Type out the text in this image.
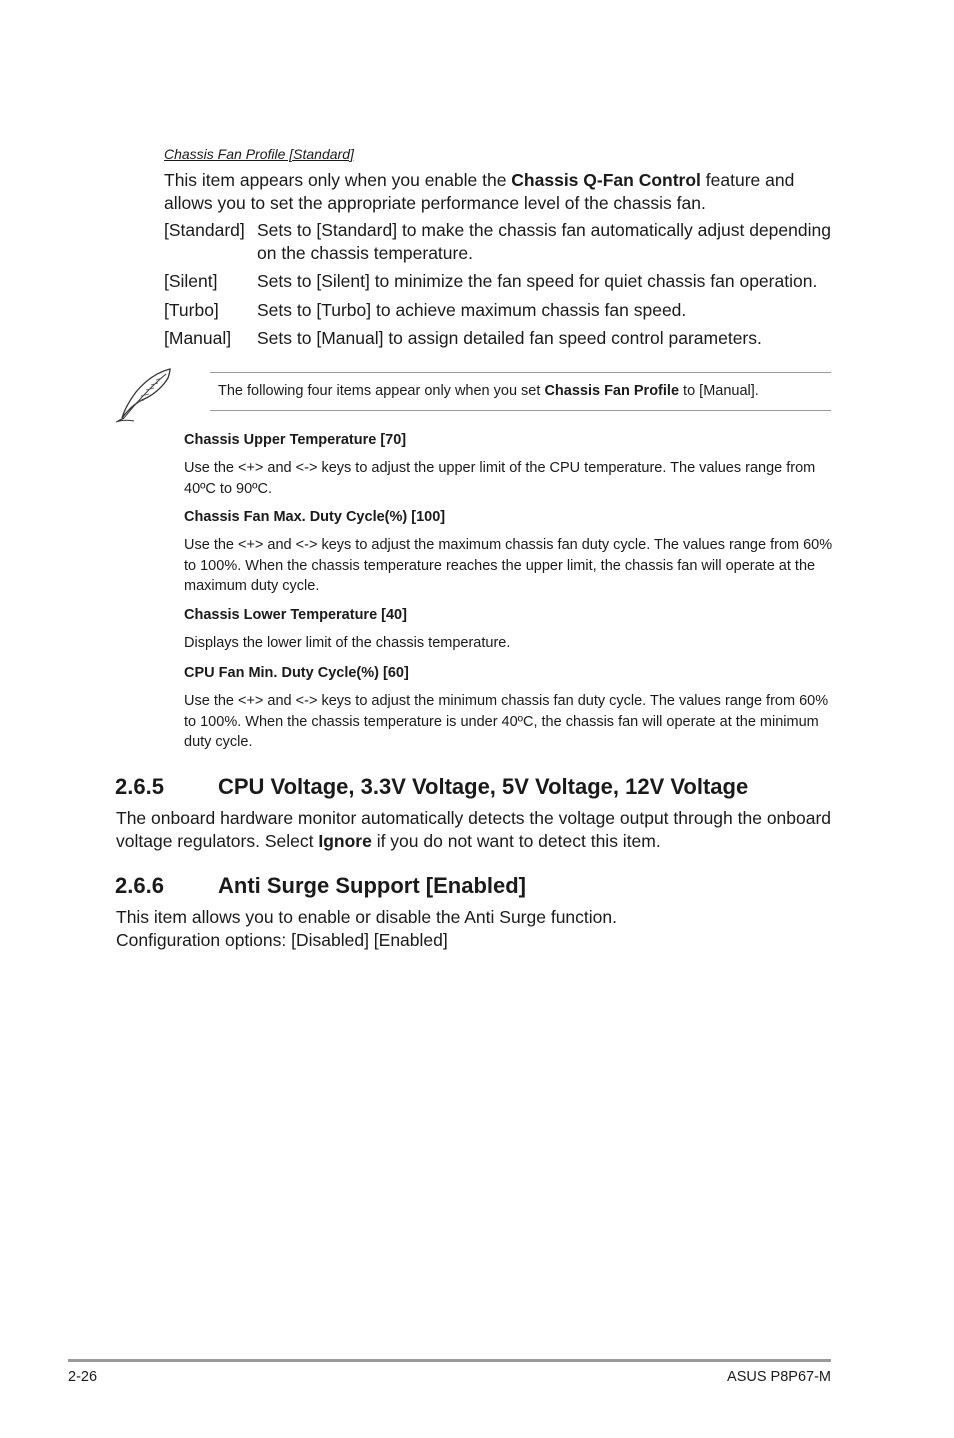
Chassis Fan Profile [Standard]
This item appears only when you enable the Chassis Q-Fan Control feature and allows you to set the appropriate performance level of the chassis fan.
[Standard] Sets to [Standard] to make the chassis fan automatically adjust depending on the chassis temperature.
[Silent]	Sets to [Silent] to minimize the fan speed for quiet chassis fan operation.
[Turbo]	Sets to [Turbo] to achieve maximum chassis fan speed.
[Manual]	Sets to [Manual] to assign detailed fan speed control parameters.
The following four items appear only when you set Chassis Fan Profile to [Manual].
Chassis Upper Temperature [70]
Use the <+> and <-> keys to adjust the upper limit of the CPU temperature. The values range from 40ºC to 90ºC.
Chassis Fan Max. Duty Cycle(%) [100]
Use the <+> and <-> keys to adjust the maximum chassis fan duty cycle. The values range from 60% to 100%. When the chassis temperature reaches the upper limit, the chassis fan will operate at the maximum duty cycle.
Chassis Lower Temperature [40]
Displays the lower limit of the chassis temperature.
CPU Fan Min. Duty Cycle(%) [60]
Use the <+> and <-> keys to adjust the minimum chassis fan duty cycle. The values range from 60% to 100%. When the chassis temperature is under 40ºC, the chassis fan will operate at the minimum duty cycle.
2.6.5 CPU Voltage, 3.3V Voltage, 5V Voltage, 12V Voltage
The onboard hardware monitor automatically detects the voltage output through the onboard voltage regulators. Select Ignore if you do not want to detect this item.
2.6.6 Anti Surge Support [Enabled]
This item allows you to enable or disable the Anti Surge function.
Configuration options: [Disabled] [Enabled]
2-26	ASUS P8P67-M
